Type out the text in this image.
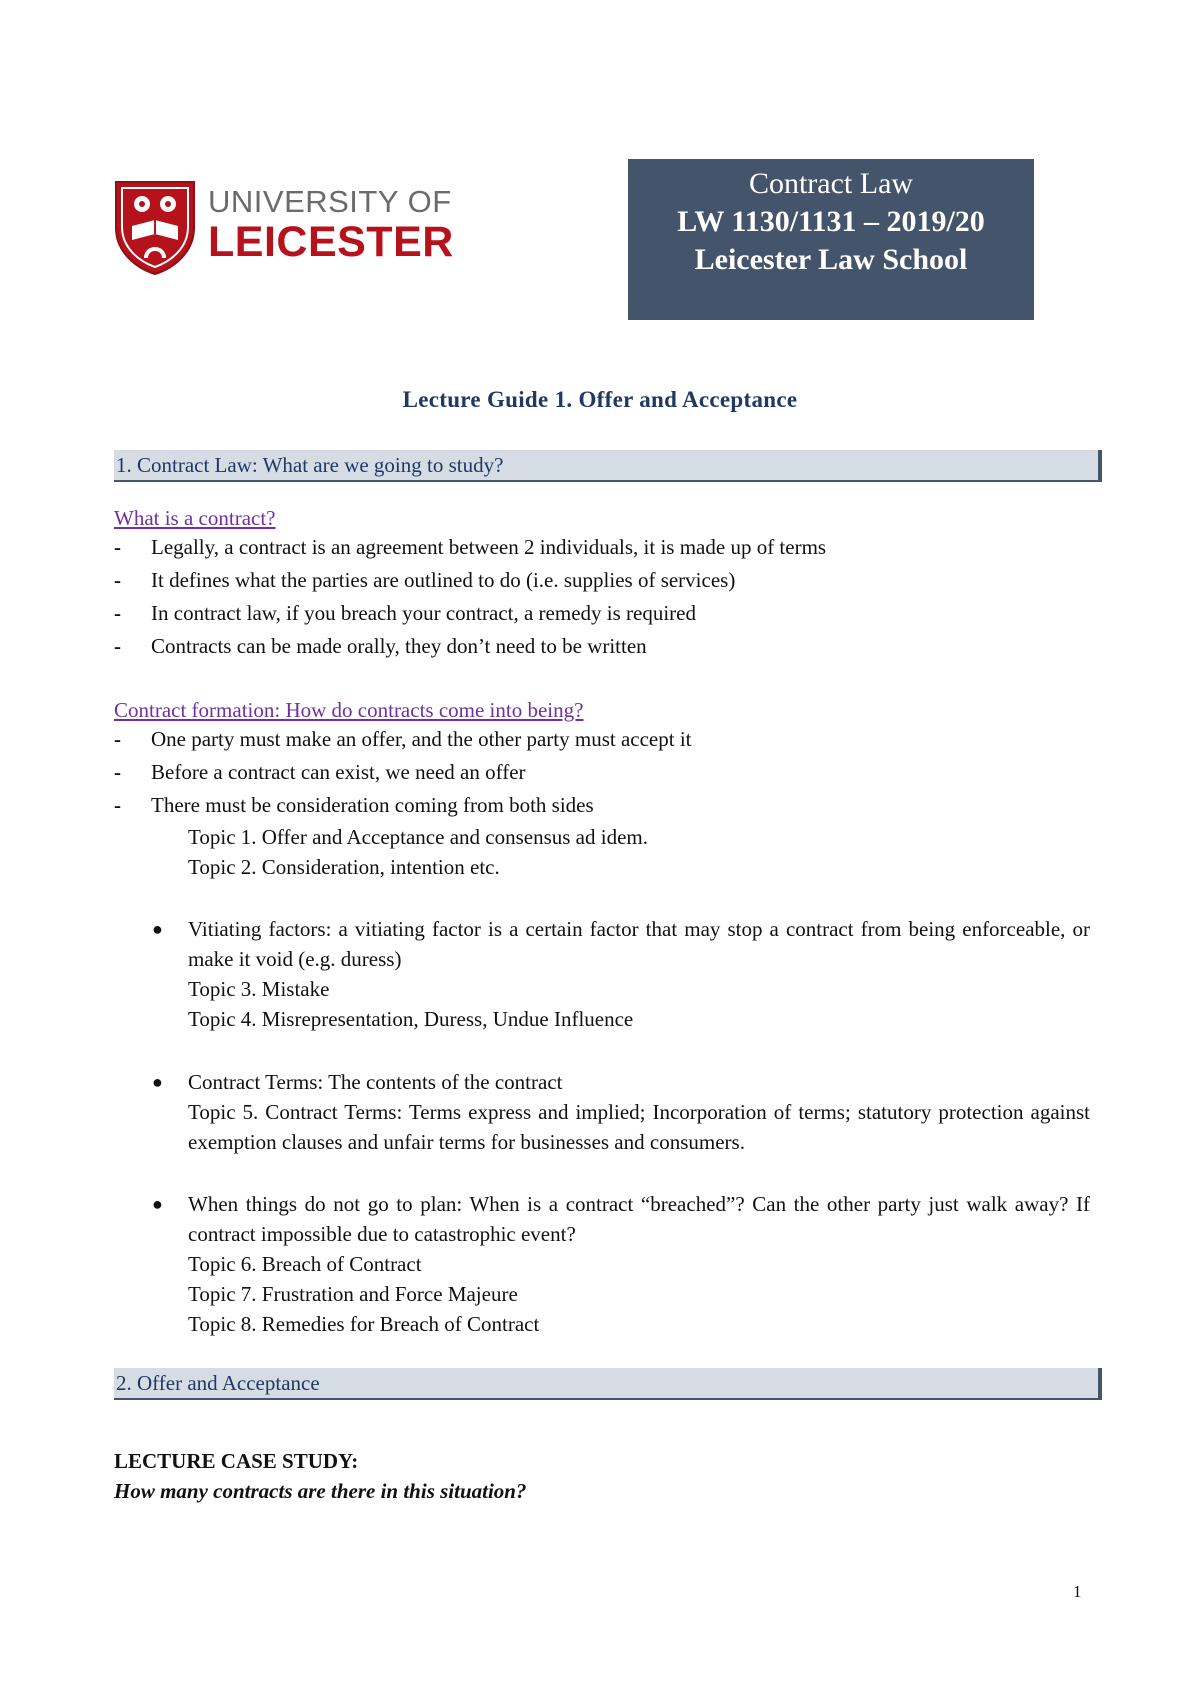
UNIVERSITY OF
LEICESTER
Contract Law
LW 1130/1131 – 2019/20
Leicester Law School
Lecture Guide 1. Offer and Acceptance
1. Contract Law: What are we going to study?
What is a contract?
- Legally, a contract is an agreement between 2 individuals, it is made up of terms
- It defines what the parties are outlined to do (i.e. supplies of services)
- In contract law, if you breach your contract, a remedy is required
- Contracts can be made orally, they don’t need to be written
Contract formation: How do contracts come into being?
- One party must make an offer, and the other party must accept it
- Before a contract can exist, we need an offer
- There must be consideration coming from both sides
Topic 1. Offer and Acceptance and consensus ad idem.
Topic 2. Consideration, intention etc.
● Vitiating factors: a vitiating factor is a certain factor that may stop a contract from being enforceable, or make it void (e.g. duress)
Topic 3. Mistake
Topic 4. Misrepresentation, Duress, Undue Influence
● Contract Terms: The contents of the contract
Topic 5. Contract Terms: Terms express and implied; Incorporation of terms; statutory protection against exemption clauses and unfair terms for businesses and consumers.
● When things do not go to plan: When is a contract “breached”? Can the other party just walk away? If contract impossible due to catastrophic event?
Topic 6. Breach of Contract
Topic 7. Frustration and Force Majeure
Topic 8. Remedies for Breach of Contract
2. Offer and Acceptance
LECTURE CASE STUDY:
How many contracts are there in this situation?
1
